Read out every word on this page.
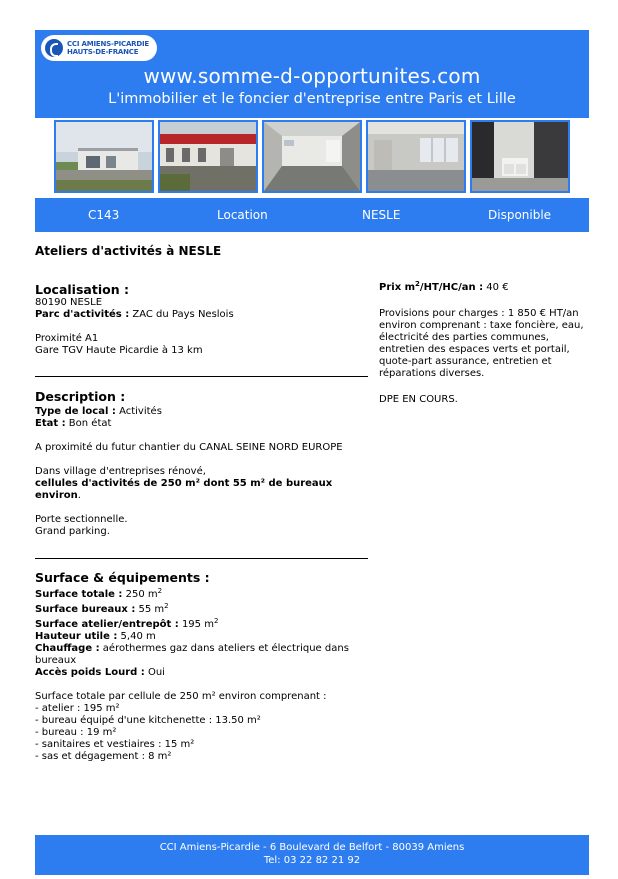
CCI AMIENS-PICARDIE
HAUTS-DE-FRANCE
www.somme-d-opportunites.com
L'immobilier et le foncier d'entreprise entre Paris et Lille
C143	Location	NESLE	Disponible
Ateliers d'activités à NESLE

Localisation :

80190 NESLE

Parc d'activités : ZAC du Pays Neslois

Proximité A1

Gare TGV Haute Picardie à 13 km

Description :

Type de local : Activités

Etat : Bon état

A proximité du futur chantier du CANAL SEINE NORD EUROPE

Dans village d'entreprises rénové,
cellules d'activités de 250 m² dont 55 m² de bureaux environ.

Porte sectionnelle.
Grand parking.

Surface & équipements :

Surface totale : 250 $m^2$

Surface bureaux : 55 $m^2$

Surface atelier/entrepôt : 195 $m^2$

Hauteur utile : 5,40 m

Chauffage : aérothermes gaz dans ateliers et électrique dans bureaux

Accès poids Lourd : Oui

Surface totale par cellule de 250 m² environ comprenant :

- atelier : 195 m²

- bureau équipé d'une kitchenette : 13.50 m²

- bureau : 19 m²

- sanitaires et vestiaires : 15 m²

- sas et dégagement : 8 m²

Prix $m^2/HT/HC/an$ : 40 €

Provisions pour charges : 1 850 € HT/an environ comprenant : taxe foncière, eau, électricité des parties communes, entretien des espaces verts et portail, quote-part assurance, entretien et réparations diverses.

DPE EN COURS.

CCI Amiens-Picardie - 6 Boulevard de Belfort - 80039 Amiens

Tel: 03 22 82 21 92
